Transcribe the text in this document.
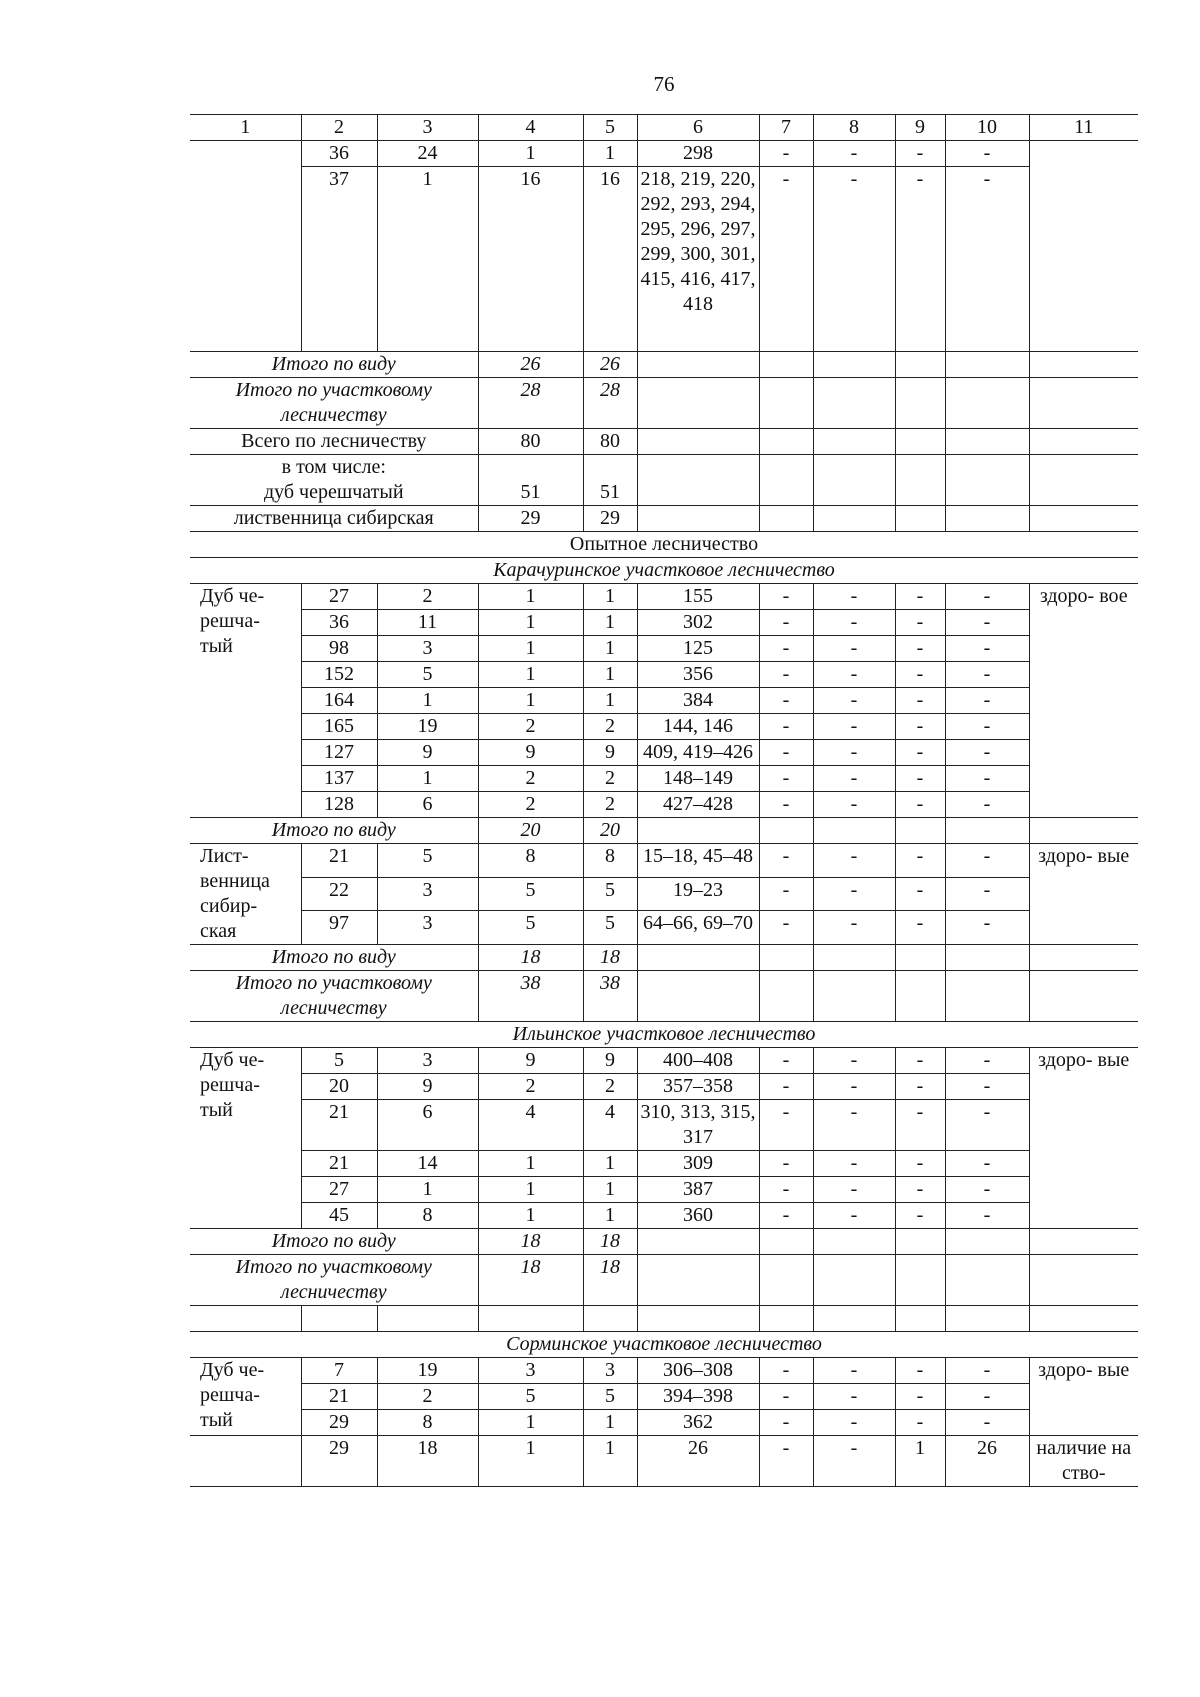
76
1	2	3	4	5	6	7	8	9	10	11
	36	24	1	1	298	-	-	-	-	
	37	1	16	16	218, 219, 220, 292, 293, 294, 295, 296, 297, 299, 300, 301, 415, 416, 417, 418	-	-	-	-	
Итого по виду			26	26						
Итого по участковому лесничеству			28	28						
Всего по лесничеству			80	80						

в том числе:
дуб черешчатый			51	51						
лиственница сибирская			29	29						
Опытное лесничество										
Карачуринское участковое лесничество										

Дуб че-
решча-
тый	27	2	1	1	155	-	-	-	-	здоро- вое
	36	11	1	1	302	-	-	-	-	
	98	3	1	1	125	-	-	-	-	
	152	5	1	1	356	-	-	-	-	
	164	1	1	1	384	-	-	-	-	
	165	19	2	2	144, 146	-	-	-	-	
	127	9	9	9	409, 419–426	-	-	-	-	
	137	1	2	2	148–149	-	-	-	-	
	128	6	2	2	427–428	-	-	-	-	
Итого по виду			20	20						

Лист-
венница
сибир-
ская	21	5	8	8	15–18, 45–48	-	-	-	-	здоро- вые
	22	3	5	5	19–23	-	-	-	-	
	97	3	5	5	64–66, 69–70	-	-	-	-	
Итого по виду			18	18						
Итого по участковому лесничеству			38	38						
Ильинское участковое лесничество										

Дуб че-
решча-
тый	5	3	9	9	400–408	-	-	-	-	здоро- вые
	20	9	2	2	357–358	-	-	-	-	
	21	6	4	4	310, 313, 315, 317	-	-	-	-	
	21	14	1	1	309	-	-	-	-	
	27	1	1	1	387	-	-	-	-	
	45	8	1	1	360	-	-	-	-	
Итого по виду			18	18						
Итого по участковому лесничеству			18	18						

Сорминское участковое лесничество										

Дуб че-
решча-
тый	7	19	3	3	306–308	-	-	-	-	здоро- вые
	21	2	5	5	394–398	-	-	-	-	
	29	8	1	1	362	-	-	-	-	
	29	18	1	1	26	-	-	1	26	наличие на ство-
